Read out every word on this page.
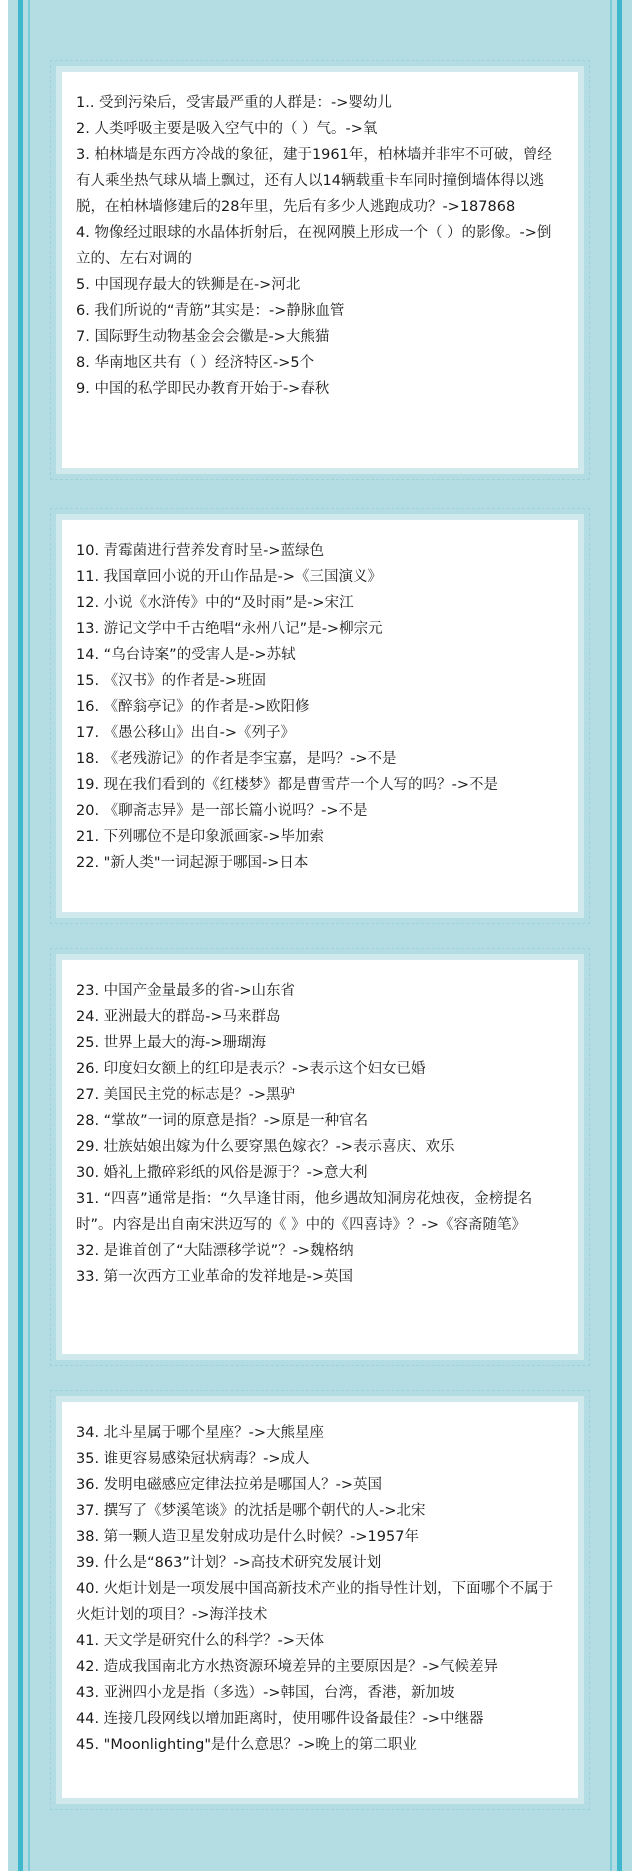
1.. 受到污染后，受害最严重的人群是：->婴幼儿
2. 人类呼吸主要是吸入空气中的（ ）气。->氧
3. 柏林墙是东西方冷战的象征，建于1961年，柏林墙并非牢不可破，曾经有人乘坐热气球从墙上飘过，还有人以14辆载重卡车同时撞倒墙体得以逃脱，在柏林墙修建后的28年里，先后有多少人逃跑成功？->187868
4. 物像经过眼球的水晶体折射后，在视网膜上形成一个（ ）的影像。->倒立的、左右对调的
5. 中国现存最大的铁狮是在->河北
6. 我们所说的“青筋”其实是：->静脉血管
7. 国际野生动物基金会会徽是->大熊猫
8. 华南地区共有（ ）经济特区->5个
9. 中国的私学即民办教育开始于->春秋
10. 青霉菌进行营养发育时呈->蓝绿色
11. 我国章回小说的开山作品是->《三国演义》
12. 小说《水浒传》中的“及时雨”是->宋江
13. 游记文学中千古绝唱“永州八记”是->柳宗元
14. “乌台诗案”的受害人是->苏轼
15. 《汉书》的作者是->班固
16. 《醉翁亭记》的作者是->欧阳修
17. 《愚公移山》出自->《列子》
18. 《老残游记》的作者是李宝嘉，是吗？->不是
19. 现在我们看到的《红楼梦》都是曹雪芹一个人写的吗？->不是
20. 《聊斋志异》是一部长篇小说吗？->不是
21. 下列哪位不是印象派画家->毕加索
22. "新人类"一词起源于哪国->日本
23. 中国产金量最多的省->山东省
24. 亚洲最大的群岛->马来群岛
25. 世界上最大的海->珊瑚海
26. 印度妇女额上的红印是表示？->表示这个妇女已婚
27. 美国民主党的标志是？->黑驴
28. “掌故”一词的原意是指？->原是一种官名
29. 壮族姑娘出嫁为什么要穿黑色嫁衣？->表示喜庆、欢乐
30. 婚礼上撒碎彩纸的风俗是源于？->意大利
31. “四喜”通常是指：“久旱逢甘雨，他乡遇故知洞房花烛夜，金榜提名时”。内容是出自南宋洪迈写的《 》中的《四喜诗》？->《容斋随笔》
32. 是谁首创了“大陆漂移学说”？->魏格纳
33. 第一次西方工业革命的发祥地是->英国
34. 北斗星属于哪个星座？->大熊星座
35. 谁更容易感染冠状病毒？->成人
36. 发明电磁感应定律法拉弟是哪国人？->英国
37. 撰写了《梦溪笔谈》的沈括是哪个朝代的人->北宋
38. 第一颗人造卫星发射成功是什么时候？->1957年
39. 什么是“863”计划？->高技术研究发展计划
40. 火炬计划是一项发展中国高新技术产业的指导性计划，下面哪个不属于火炬计划的项目？->海洋技术
41. 天文学是研究什么的科学？->天体
42. 造成我国南北方水热资源环境差异的主要原因是？->气候差异
43. 亚洲四小龙是指（多选）->韩国，台湾，香港，新加坡
44. 连接几段网线以增加距离时，使用哪件设备最佳？->中继器
45. "Moonlighting"是什么意思？->晚上的第二职业
